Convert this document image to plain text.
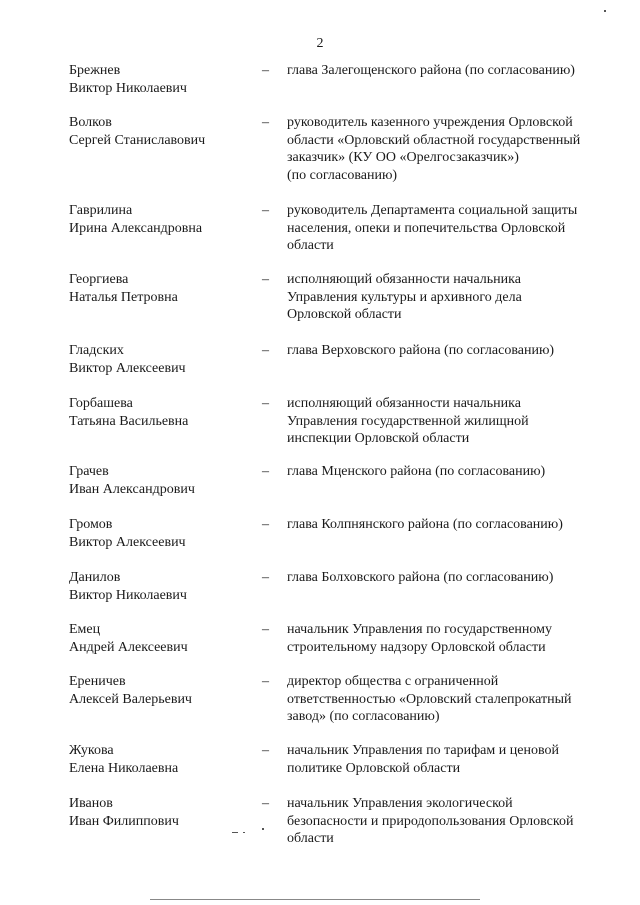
2
Брежнев
Виктор Николаевич
– глава Залегощенского района (по согласованию)
Волков
Сергей Станиславович
– руководитель казенного учреждения Орловской
области «Орловский областной государственный
заказчик» (КУ ОО «Орелгосзаказчик»)
(по согласованию)
Гаврилина
Ирина Александровна
– руководитель Департамента социальной защиты
населения, опеки и попечительства Орловской
области
Георгиева
Наталья Петровна
– исполняющий обязанности начальника
Управления культуры и архивного дела
Орловской области
Гладских
Виктор Алексеевич
– глава Верховского района (по согласованию)
Горбашева
Татьяна Васильевна
– исполняющий обязанности начальника
Управления государственной жилищной
инспекции Орловской области
Грачев
Иван Александрович
– глава Мценского района (по согласованию)
Громов
Виктор Алексеевич
– глава Колпнянского района (по согласованию)
Данилов
Виктор Николаевич
– глава Болховского района (по согласованию)
Емец
Андрей Алексеевич
– начальник Управления по государственному
строительному надзору Орловской области
Ереничев
Алексей Валерьевич
– директор общества с ограниченной
ответственностью «Орловский сталепрокатный
завод» (по согласованию)
Жукова
Елена Николаевна
– начальник Управления по тарифам и ценовой
политике Орловской области
Иванов
Иван Филиппович
– начальник Управления экологической
безопасности и природопользования Орловской
области
